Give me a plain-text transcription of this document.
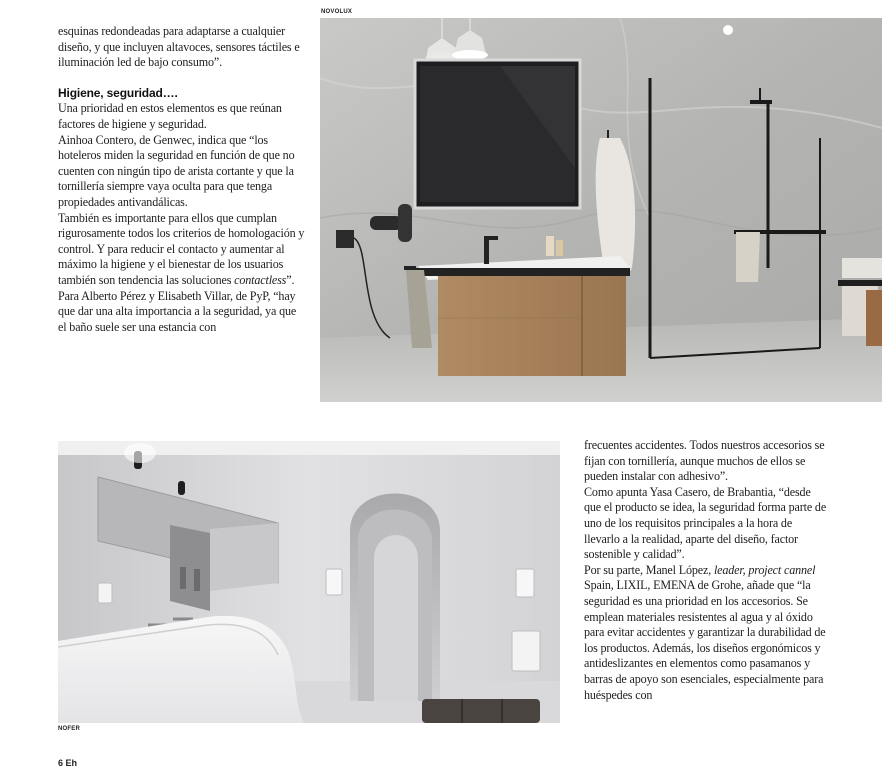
esquinas redondeadas para adaptarse a cualquier diseño, y que incluyen altavoces, sensores táctiles e iluminación led de bajo consumo”.

Higiene, seguridad….

Una prioridad en estos elementos es que reúnan factores de higiene y seguridad.

Ainhoa Contero, de Genwec, indica que “los hoteleros miden la seguridad en función de que no cuenten con ningún tipo de arista cortante y que la tornillería siempre vaya oculta para que tenga propiedades antivandálicas.

También es importante para ellos que cumplan rigurosamente todos los criterios de homologación y control. Y para reducir el contacto y aumentar al máximo la higiene y el bienestar de los usuarios también son tendencia las soluciones contactless”.

Para Alberto Pérez y Elisabeth Villar, de PyP, “hay que dar una alta importancia a la seguridad, ya que el baño suele ser una estancia con

NOVOLUX
NOFER

frecuentes accidentes. Todos nuestros accesorios se fijan con tornillería, aunque muchos de ellos se pueden instalar con adhesivo”.

Como apunta Yasa Casero, de Brabantia, “desde que el producto se idea, la seguridad forma parte de uno de los requisitos principales a la hora de llevarlo a la realidad, aparte del diseño, factor sostenible y calidad”.

Por su parte, Manel López, leader, project cannel Spain, LIXIL, EMENA de Grohe, añade que “la seguridad es una prioridad en los accesorios. Se emplean materiales resistentes al agua y al óxido para evitar accidentes y garantizar la durabilidad de los productos. Además, los diseños ergonómicos y antideslizantes en elementos como pasamanos y barras de apoyo son esenciales, especialmente para huéspedes con

6 Eh
